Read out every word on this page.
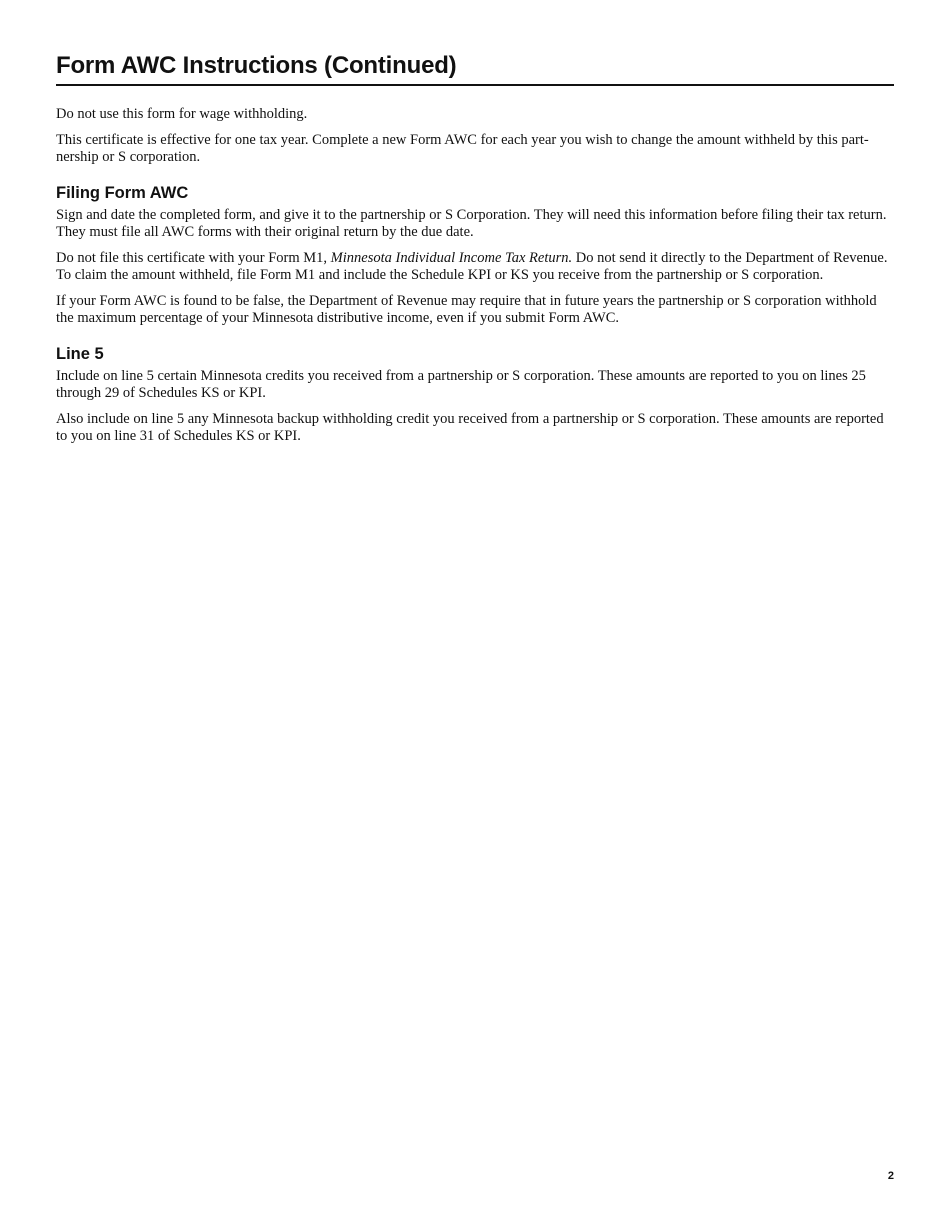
Form AWC Instructions (Continued)

Do not use this form for wage withholding.

This certificate is effective for one tax year. Complete a new Form AWC for each year you wish to change the amount withheld by this part-nership or S corporation.

Filing Form AWC

Sign and date the completed form, and give it to the partnership or S Corporation. They will need this information before filing their tax return. They must file all AWC forms with their original return by the due date.

Do not file this certificate with your Form M1, Minnesota Individual Income Tax Return. Do not send it directly to the Department of Revenue. To claim the amount withheld, file Form M1 and include the Schedule KPI or KS you receive from the partnership or S corporation.

If your Form AWC is found to be false, the Department of Revenue may require that in future years the partnership or S corporation withhold the maximum percentage of your Minnesota distributive income, even if you submit Form AWC.

Line 5

Include on line 5 certain Minnesota credits you received from a partnership or S corporation. These amounts are reported to you on lines 25 through 29 of Schedules KS or KPI.

Also include on line 5 any Minnesota backup withholding credit you received from a partnership or S corporation. These amounts are reported to you on line 31 of Schedules KS or KPI.

2
